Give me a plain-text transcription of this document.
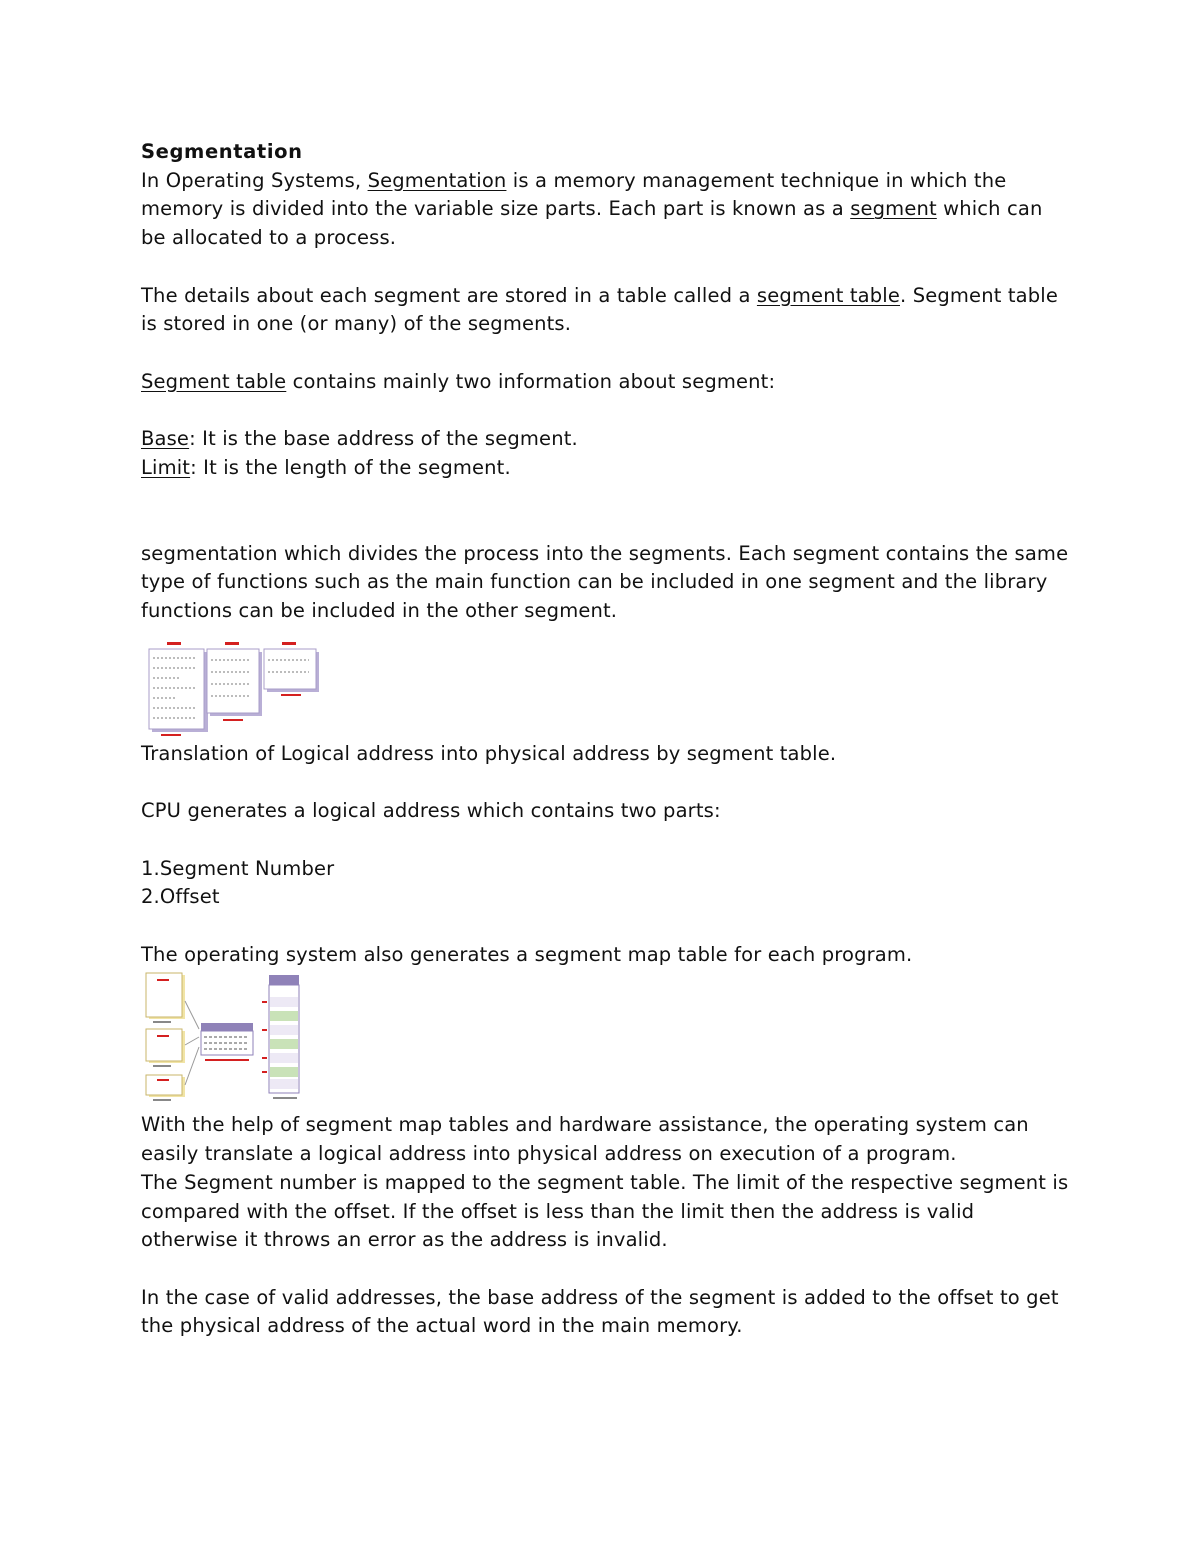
Segmentation

In Operating Systems, Segmentation is a memory management technique in which the memory is divided into the variable size parts. Each part is known as a segment which can be allocated to a process.

The details about each segment are stored in a table called a segment table. Segment table is stored in one (or many) of the segments.

Segment table contains mainly two information about segment:

Base: It is the base address of the segment.

Limit: It is the length of the segment.

segmentation which divides the process into the segments. Each segment contains the same type of functions such as the main function can be included in one segment and the library functions can be included in the other segment.

Translation of Logical address into physical address by segment table.

CPU generates a logical address which contains two parts:

1.Segment Number

2.Offset

The operating system also generates a segment map table for each program.

With the help of segment map tables and hardware assistance, the operating system can easily translate a logical address into physical address on execution of a program.

The Segment number is mapped to the segment table. The limit of the respective segment is compared with the offset. If the offset is less than the limit then the address is valid otherwise it throws an error as the address is invalid.

In the case of valid addresses, the base address of the segment is added to the offset to get the physical address of the actual word in the main memory.
